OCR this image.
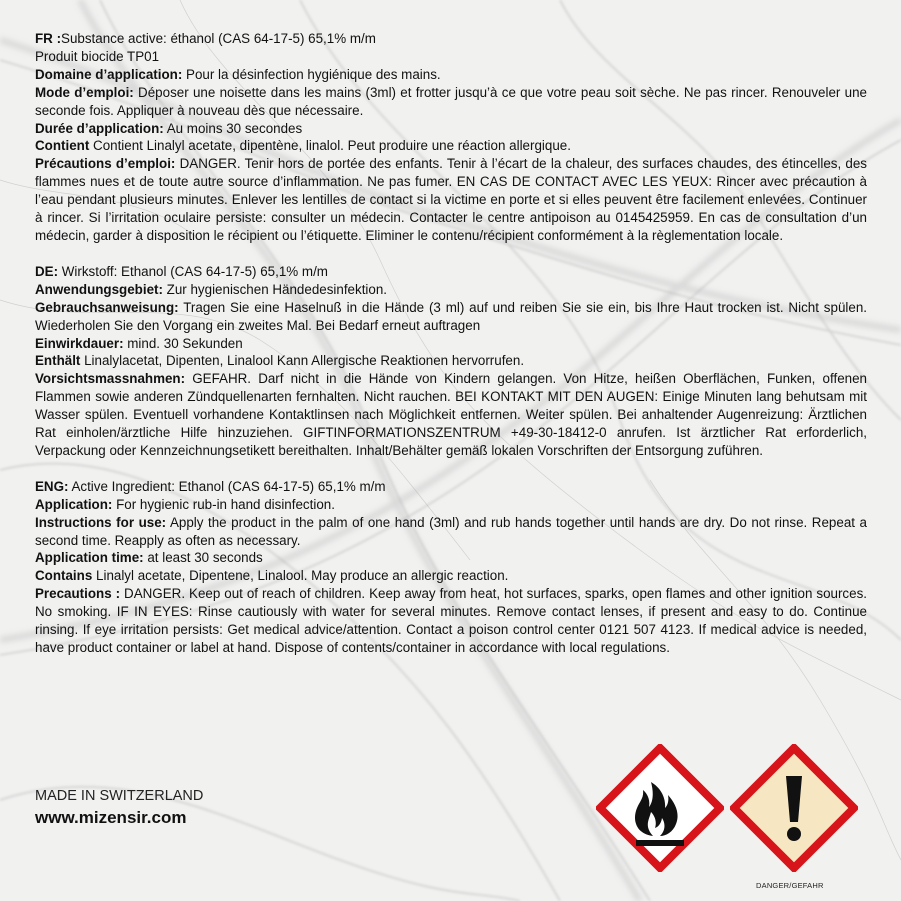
FR :Substance active: éthanol (CAS 64-17-5) 65,1% m/m

Produit biocide TP01

Domaine d’application: Pour la désinfection hygiénique des mains.

Mode d’emploi: Déposer une noisette dans les mains (3ml) et frotter jusqu’à ce que votre peau soit sèche. Ne pas rincer. Renouveler une seconde fois. Appliquer à nouveau dès que nécessaire.

Durée d’application: Au moins 30 secondes

Contient Contient Linalyl acetate, dipentène, linalol. Peut produire une réaction allergique.

Précautions d’emploi: DANGER. Tenir hors de portée des enfants. Tenir à l’écart de la chaleur, des surfaces chaudes, des étincelles, des flammes nues et de toute autre source d’inflammation. Ne pas fumer. EN CAS DE CONTACT AVEC LES YEUX: Rincer avec précaution à l’eau pendant plusieurs minutes. Enlever les lentilles de contact si la victime en porte et si elles peuvent être facilement enlevées. Continuer à rincer. Si l’irritation oculaire persiste: consulter un médecin. Contacter le centre antipoison au 0145425959. En cas de consultation d’un médecin, garder à disposition le récipient ou l’étiquette. Eliminer le contenu/récipient conformément à la règlementation locale.

DE: Wirkstoff: Ethanol (CAS 64-17-5) 65,1% m/m

Anwendungsgebiet: Zur hygienischen Händedesinfektion.

Gebrauchsanweisung: Tragen Sie eine Haselnuß in die Hände (3 ml) auf und reiben Sie sie ein, bis Ihre Haut trocken ist. Nicht spülen. Wiederholen Sie den Vorgang ein zweites Mal. Bei Bedarf erneut auftragen

Einwirkdauer: mind. 30 Sekunden

Enthält Linalylacetat, Dipenten, Linalool Kann Allergische Reaktionen hervorrufen.

Vorsichtsmassnahmen: GEFAHR. Darf nicht in die Hände von Kindern gelangen. Von Hitze, heißen Oberflächen, Funken, offenen Flammen sowie anderen Zündquellenarten fernhalten. Nicht rauchen. BEI KONTAKT MIT DEN AUGEN: Einige Minuten lang behutsam mit Wasser spülen. Eventuell vorhandene Kontaktlinsen nach Möglichkeit entfernen. Weiter spülen. Bei anhaltender Augenreizung: Ärztlichen Rat einholen/ärztliche Hilfe hinzuziehen. GIFTINFORMATIONSZENTRUM +49-30-18412-0 anrufen. Ist ärztlicher Rat erforderlich, Verpackung oder Kennzeichnungsetikett bereithalten. Inhalt/Behälter gemäß lokalen Vorschriften der Entsorgung zuführen.

ENG: Active Ingredient: Ethanol (CAS 64-17-5) 65,1% m/m

Application: For hygienic rub-in hand disinfection.

Instructions for use: Apply the product in the palm of one hand (3ml) and rub hands together until hands are dry. Do not rinse. Repeat a second time. Reapply as often as necessary.

Application time: at least 30 seconds

Contains Linalyl acetate, Dipentene, Linalool. May produce an allergic reaction.

Precautions : DANGER. Keep out of reach of children. Keep away from heat, hot surfaces, sparks, open flames and other ignition sources. No smoking. IF IN EYES: Rinse cautiously with water for several minutes. Remove contact lenses, if present and easy to do. Continue rinsing. If eye irritation persists: Get medical advice/attention. Contact a poison control center 0121 507 4123. If medical advice is needed, have product container or label at hand. Dispose of contents/container in accordance with local regulations.

MADE IN SWITZERLAND
www.mizensir.com
DANGER/GEFAHR
